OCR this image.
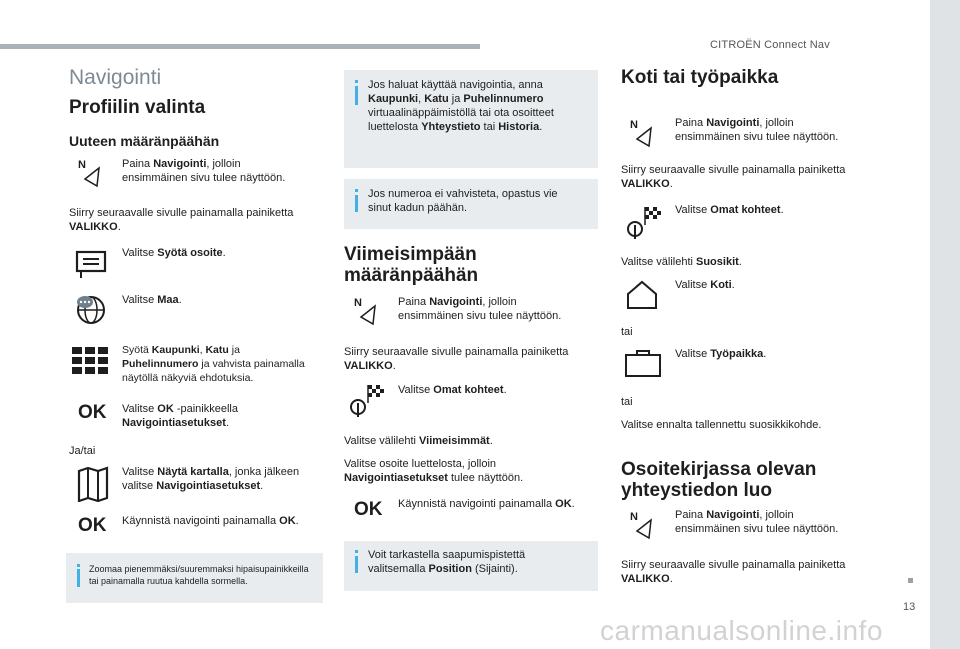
CITROËN Connect Nav
13
carmanualsonline.info
Navigointi
Profiilin valinta
Uuteen määränpäähän
N	Paina Navigointi, jolloin
ensimmäinen sivu tulee näyttöön.
Siirry seuraavalle sivulle painamalla painiketta
VALIKKO.
Valitse Syötä osoite.
Valitse Maa.
Syötä Kaupunki, Katu ja
Puhelinnumero ja vahvista painamalla
näytöllä näkyviä ehdotuksia.
OK Valitse OK -painikkeella
Navigointiasetukset.
Ja/tai
Valitse Näytä kartalla, jonka jälkeen
valitse Navigointiasetukset.
OK Käynnistä navigointi painamalla OK.
Zoomaa pienemmäksi/suuremmaksi hipaisupainikkeilla
tai painamalla ruutua kahdella sormella.
Jos haluat käyttää navigointia, anna
Kaupunki, Katu ja Puhelinnumero
virtuaalinäppäimistöllä tai ota osoitteet
luettelosta Yhteystieto tai Historia.
Jos numeroa ei vahvisteta, opastus vie
sinut kadun päähän.
Viimeisimpään
määränpäähän
N	Paina Navigointi, jolloin
ensimmäinen sivu tulee näyttöön.
Siirry seuraavalle sivulle painamalla painiketta
VALIKKO.
Valitse Omat kohteet.
Valitse välilehti Viimeisimmät.
Valitse osoite luettelosta, jolloin
Navigointiasetukset tulee näyttöön.
OK Käynnistä navigointi painamalla OK.
Voit tarkastella saapumispistettä
valitsemalla Position (Sijainti).
Koti tai työpaikka
N	Paina Navigointi, jolloin
ensimmäinen sivu tulee näyttöön.
Siirry seuraavalle sivulle painamalla painiketta
VALIKKO.
Valitse Omat kohteet.
Valitse välilehti Suosikit.
Valitse Koti.
tai
Valitse Työpaikka.
tai
Valitse ennalta tallennettu suosikkikohde.
Osoitekirjassa olevan
yhteystiedon luo
N	Paina Navigointi, jolloin
ensimmäinen sivu tulee näyttöön.
Siirry seuraavalle sivulle painamalla painiketta
VALIKKO.
